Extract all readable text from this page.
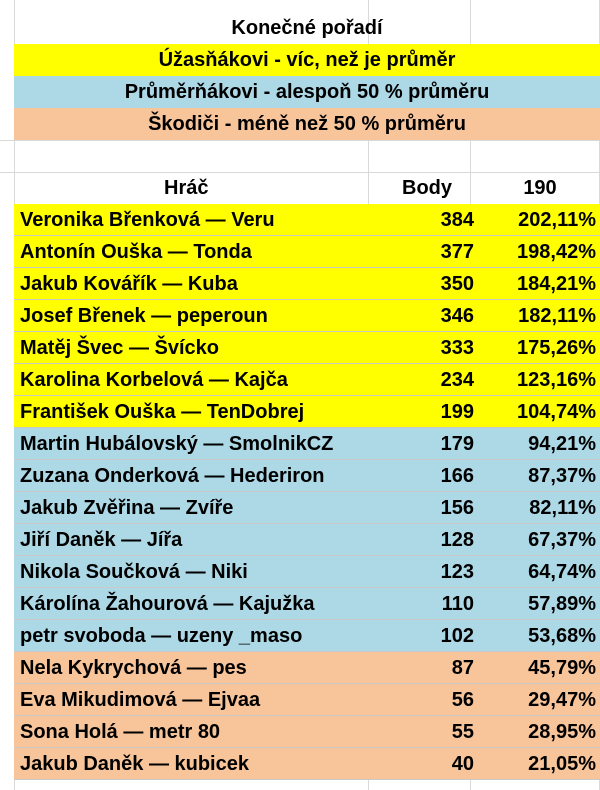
Konečné pořadí
Úžasňákovi - víc, než je průměr
Průměrňákovi - alespoň 50 % průměru
Škodiči - méně než 50 % průměru
Hráč	Body	190
Veronika Břenková — Veru	384	202,11%
Antonín Ouška — Tonda	377	198,42%
Jakub Kovářík — Kuba	350	184,21%
Josef Břenek — peperoun	346	182,11%
Matěj Švec — Švícko	333	175,26%
Karolina Korbelová — Kajča	234	123,16%
František Ouška — TenDobrej	199	104,74%
Martin Hubálovský — SmolnikCZ	179	94,21%
Zuzana Onderková — Hederiron	166	87,37%
Jakub Zvěřina — Zvíře	156	82,11%
Jiří Daněk — Jířa	128	67,37%
Nikola Součková — Niki	123	64,74%
Károlína Žahourová — Kajužka	110	57,89%
petr svoboda — uzeny _maso	102	53,68%
Nela Kykrychová — pes	87	45,79%
Eva Mikudimová — Ejvaa	56	29,47%
Sona Holá — metr 80	55	28,95%
Jakub Daněk — kubicek	40	21,05%
